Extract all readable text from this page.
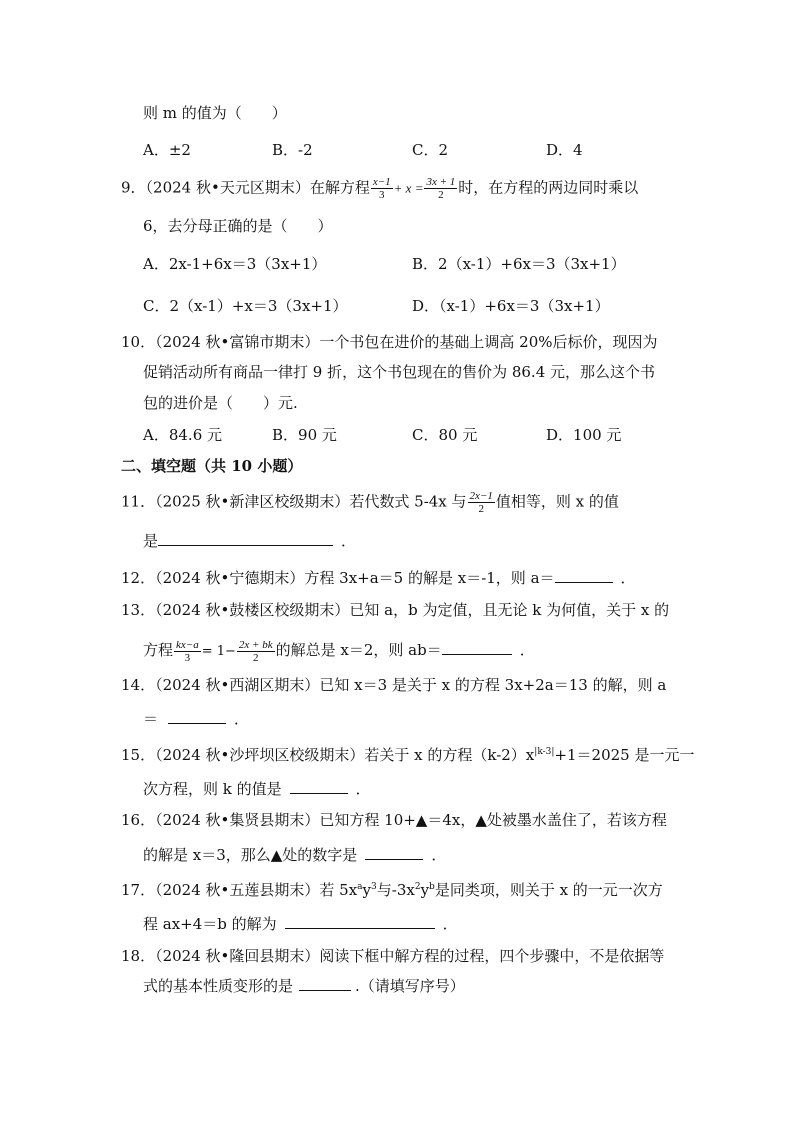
则 m 的值为（　　）
A．±2	B．-2	C．2	D．4
9．（2024 秋•天元区期末）在解方程 $\frac{x-1}{3} + x = \frac{3x + 1}{2}$ 时，在方程的两边同时乘以
6，去分母正确的是（　　）
A．2x-1+6x＝3（3x+1）	B．2（x-1）+6x＝3（3x+1）
C．2（x-1）+x＝3（3x+1）	D．（x-1）+6x＝3（3x+1）
10．（2024 秋•富锦市期末）一个书包在进价的基础上调高 20%后标价，现因为
促销活动所有商品一律打 9 折，这个书包现在的售价为 86.4 元，那么这个书
包的进价是（　　）元.
A．84.6 元	B．90 元	C．80 元	D．100 元
二、填空题（共 10 小题）
11．（2025 秋•新津区校级期末）若代数式 5-4x 与 $\frac{2x-1}{2}$ 值相等，则 x 的值
是	．
12．（2024 秋•宁德期末）方程 3x+a＝5 的解是 x＝-1，则 a＝	．
13．（2024 秋•鼓楼区校级期末）已知 a，b 为定值，且无论 k 为何值，关于 x 的
方程 $\frac{kx-a}{3} = 1- \frac{2x + bk}{2}$ 的解总是 x＝2，则 ab＝	．
14．（2024 秋•西湖区期末）已知 x＝3 是关于 x 的方程 3x+2a＝13 的解，则 a
＝	．
15．（2024 秋•沙坪坝区校级期末）若关于 x 的方程$(k-2)x^{|k-3|}+1=2025$ 是一元一
次方程，则 k 的值是	．
16．（2024 秋•集贤县期末）已知方程 10+▲＝4x，▲处被墨水盖住了，若该方程
的解是 x＝3，那么▲处的数字是	．
17．（2024 秋•五莲县期末）若 $5x^ay^3$与$-3x^2y^b$是同类项，则关于 x 的一元一次方
程 ax+4＝b 的解为	．
18．（2024 秋•隆回县期末）阅读下框中解方程的过程，四个步骤中，不是依据等
式的基本性质变形的是	.（请填写序号）
